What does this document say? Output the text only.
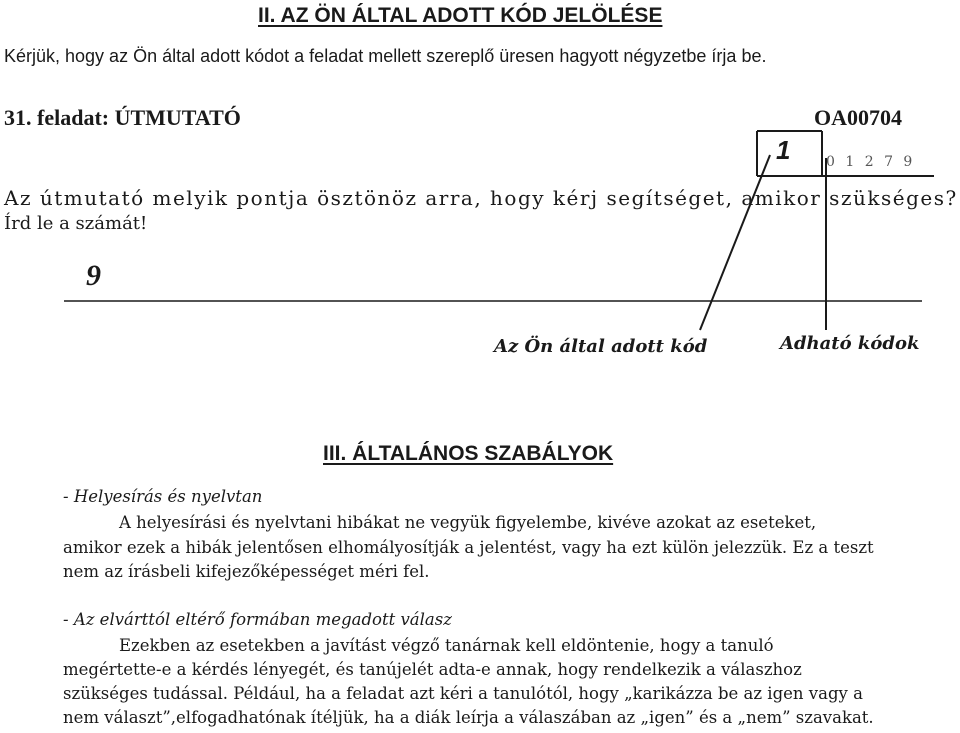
II. AZ ÖN ÁLTAL ADOTT KÓD JELÖLÉSE
Kérjük, hogy az Ön által adott kódot a feladat mellett szereplő üresen hagyott négyzetbe írja be.
31. feladat: ÚTMUTATÓ	OA00704
1	0 1 2 7 9
Az útmutató melyik pontja ösztönöz arra, hogy kérj segítséget, amikor szükséges?
Írd le a számát!
9
Az Ön által adott kód	Adható kódok
III. ÁLTALÁNOS SZABÁLYOK
- Helyesírás és nyelvtan
A helyesírási és nyelvtani hibákat ne vegyük figyelembe, kivéve azokat az eseteket,
amikor ezek a hibák jelentősen elhomályosítják a jelentést, vagy ha ezt külön jelezzük. Ez a teszt
nem az írásbeli kifejezőképességet méri fel.
- Az elvárttól eltérő formában megadott válasz
Ezekben az esetekben a javítást végző tanárnak kell eldöntenie, hogy a tanuló
megértette-e a kérdés lényegét, és tanújelét adta-e annak, hogy rendelkezik a válaszhoz
szükséges tudással. Például, ha a feladat azt kéri a tanulótól, hogy „karikázza be az igen vagy a
nem választ”,elfogadhatónak ítéljük, ha a diák leírja a válaszában az „igen” és a „nem” szavakat.
